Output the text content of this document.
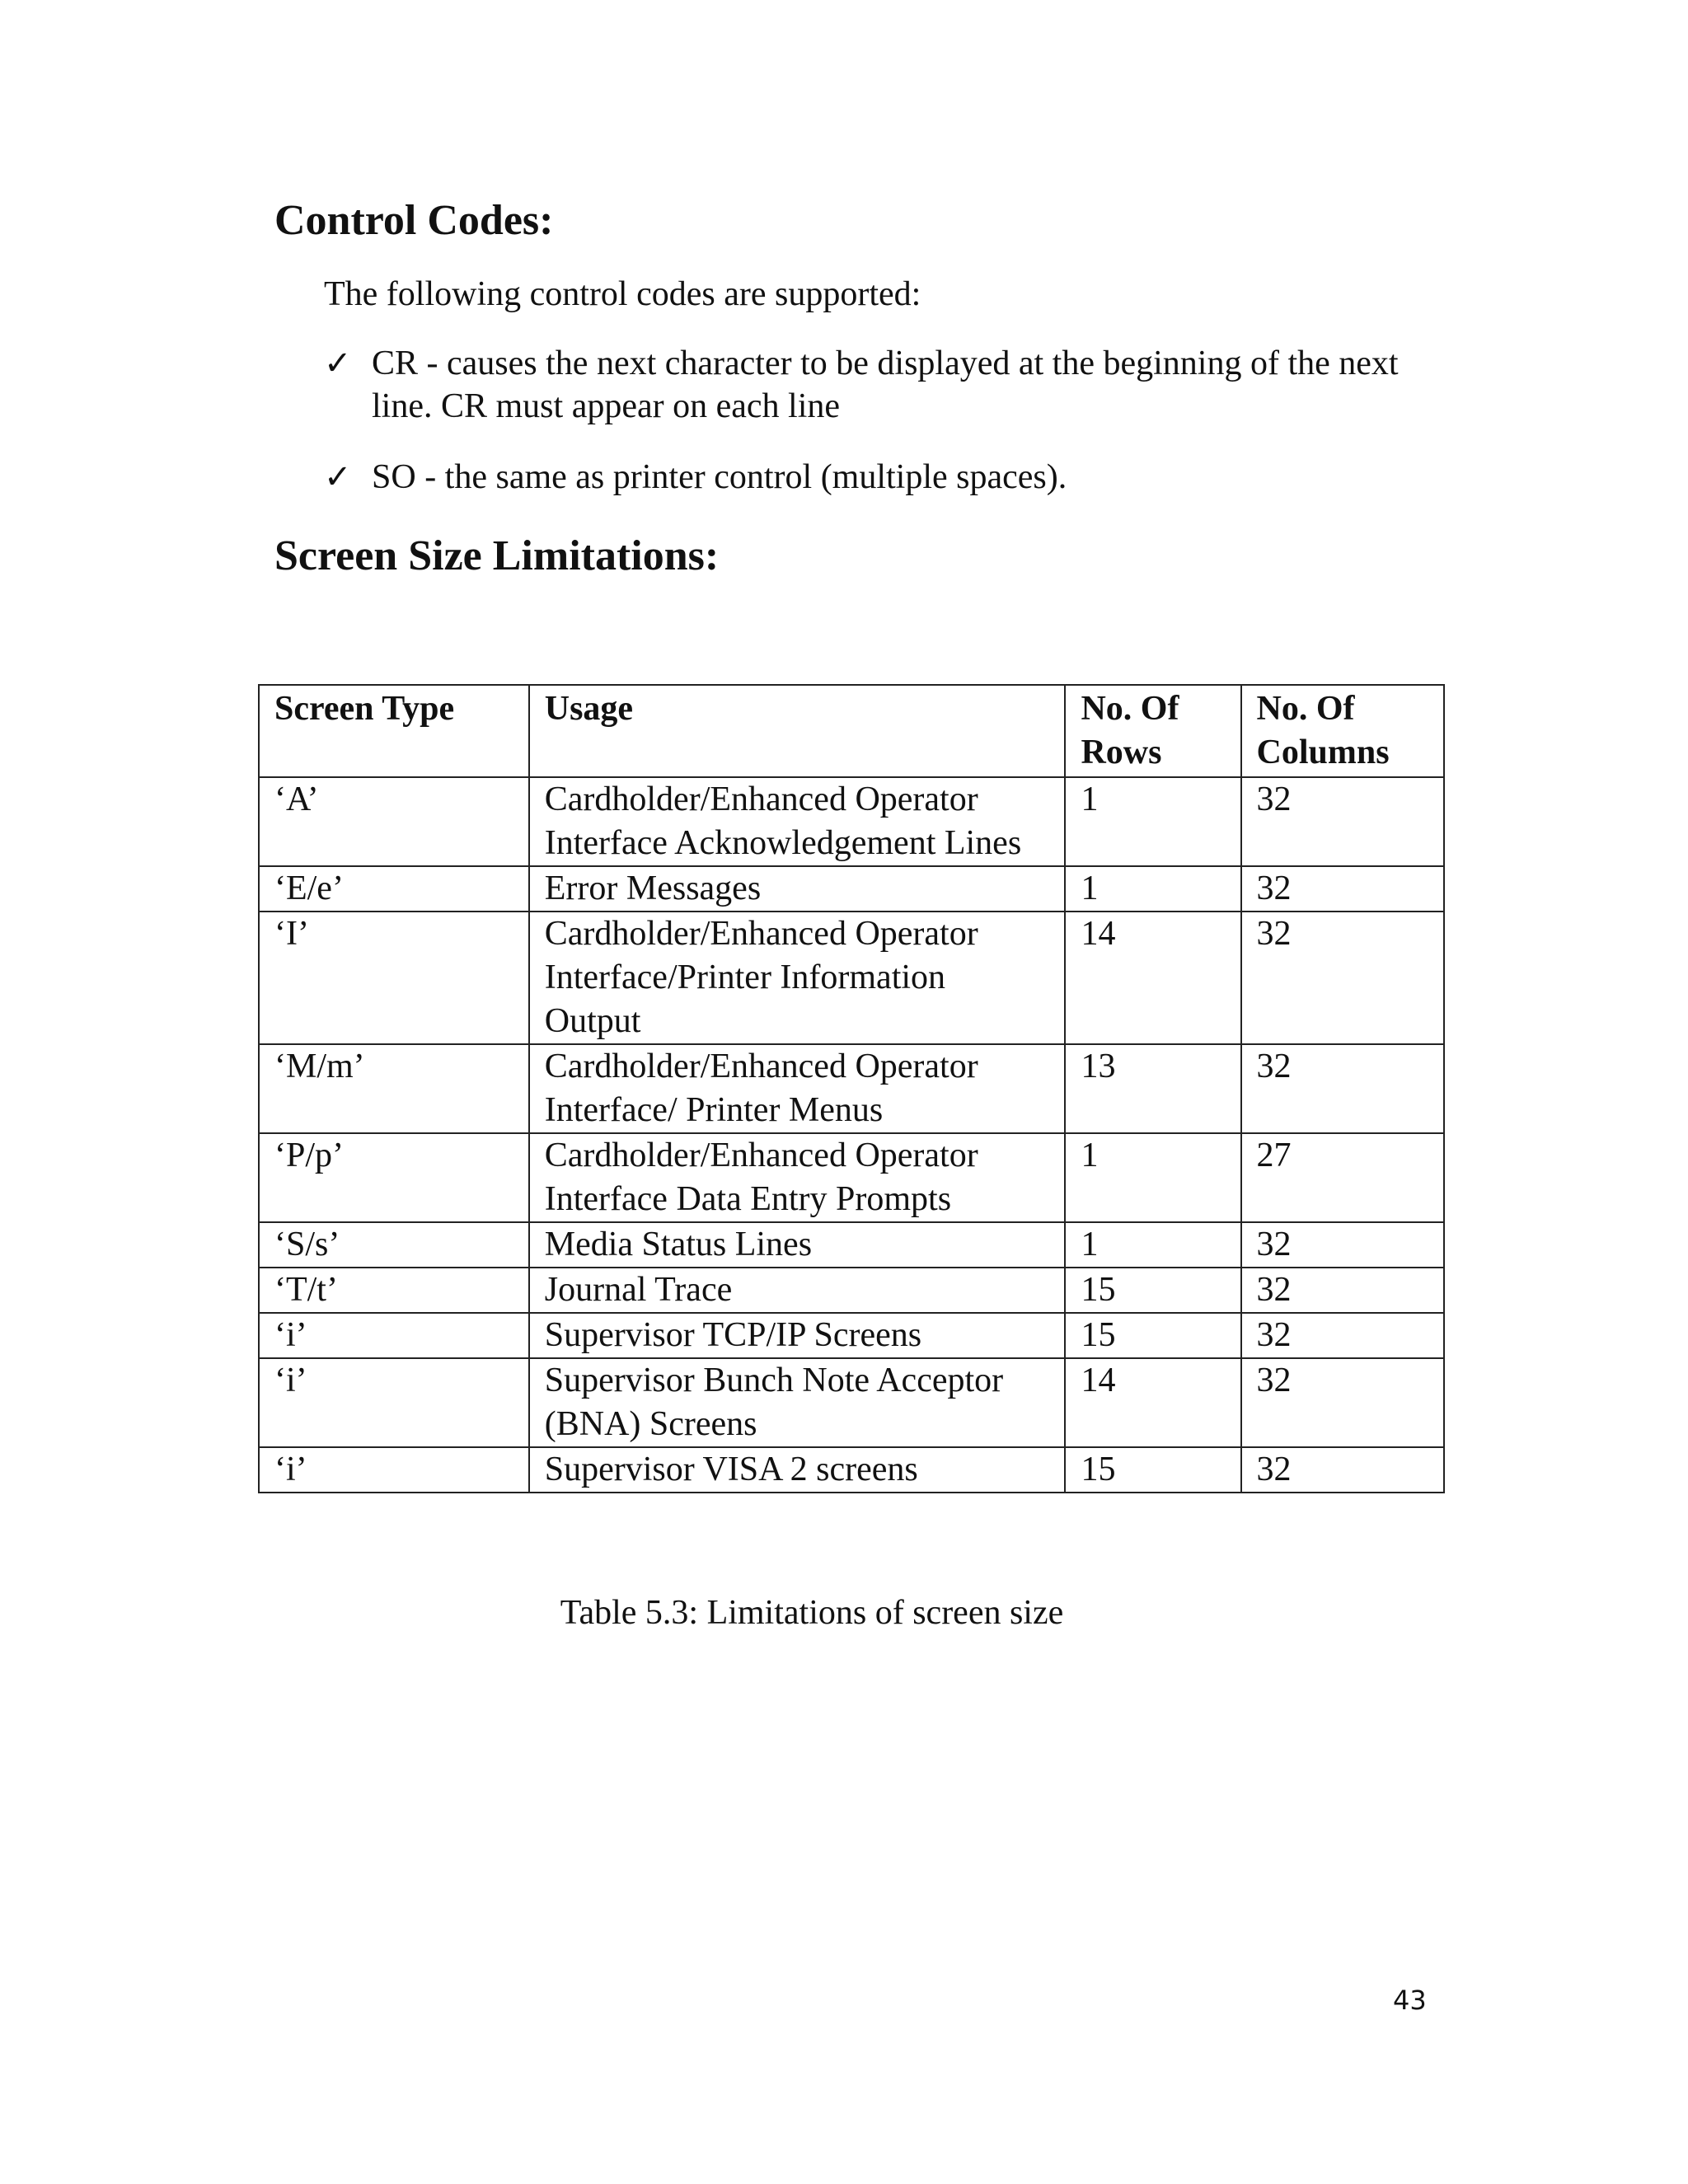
Control Codes:

The following control codes are supported:

✓ CR - causes the next character to be displayed at the beginning of the next line. CR must appear on each line
✓ SO - the same as printer control (multiple spaces).
Screen Size Limitations:
Screen Type	Usage	No. Of Rows	No. Of Columns
‘A’	Cardholder/Enhanced Operator Interface Acknowledgement Lines	1	32
‘E/e’	Error Messages	1	32
‘I’	Cardholder/Enhanced Operator Interface/Printer Information Output	14	32
‘M/m’	Cardholder/Enhanced Operator Interface/ Printer Menus	13	32
‘P/p’	Cardholder/Enhanced Operator Interface Data Entry Prompts	1	27
‘S/s’	Media Status Lines	1	32
‘T/t’	Journal Trace	15	32
‘i’	Supervisor TCP/IP Screens	15	32
‘i’	Supervisor Bunch Note Acceptor (BNA) Screens	14	32
‘i’	Supervisor VISA 2 screens	15	32

Table 5.3: Limitations of screen size

43
